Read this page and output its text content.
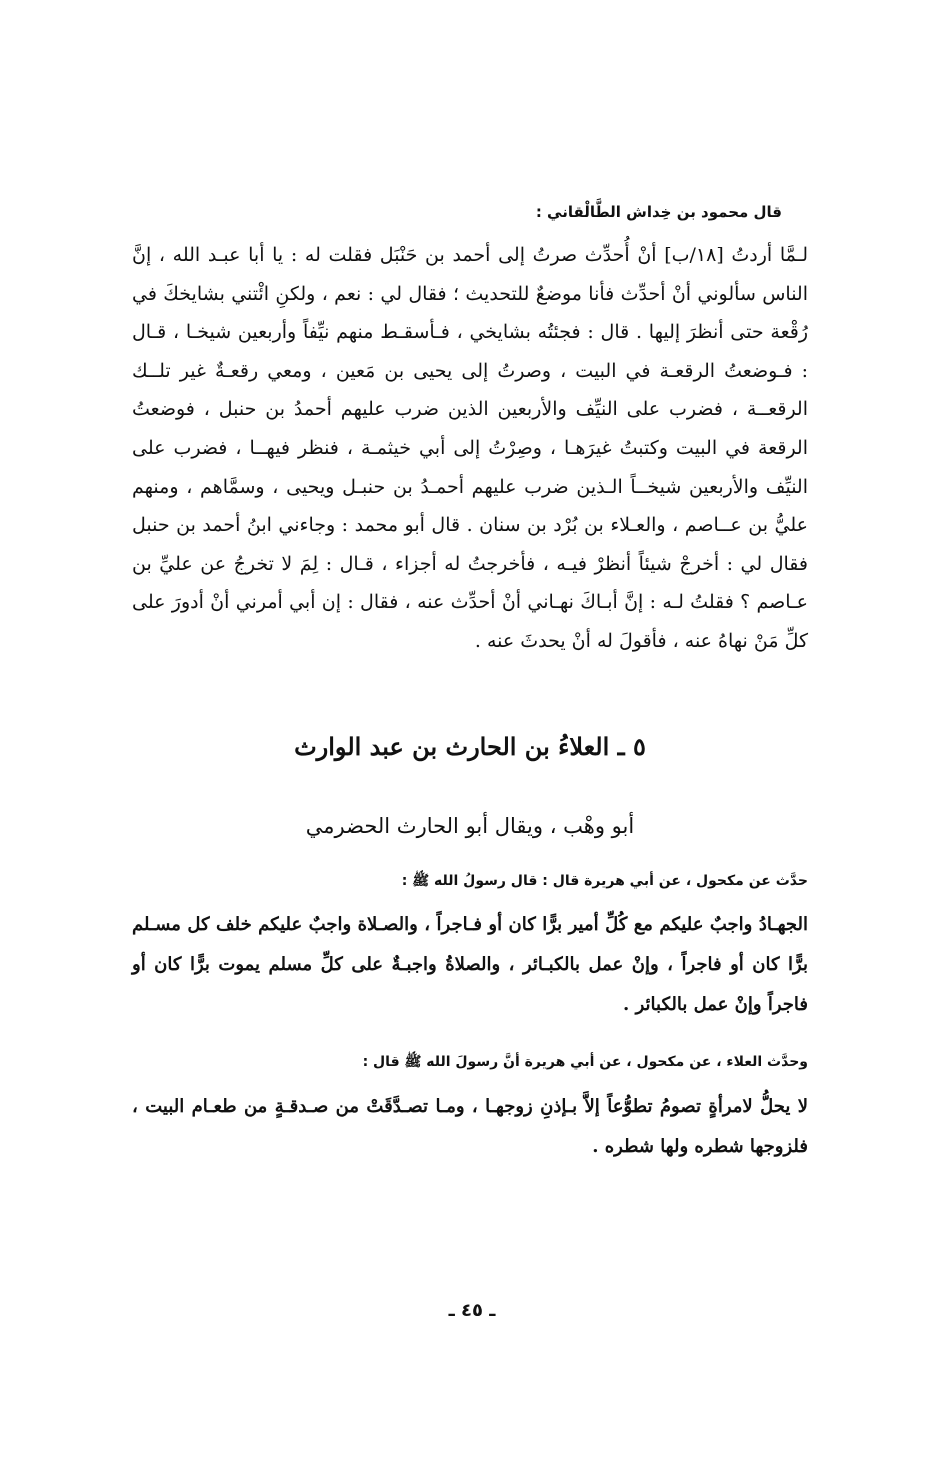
قال محمود بن خِداش الطَّالْقاني :
لـمَّا أردتُ [١٨/ب] أنْ أُحدِّث صرتُ إلى أحمد بن حَنْبَل فقلت له : يا أبا عبـد الله ، إنَّ الناس سألوني أنْ أحدِّث فأنا موضعٌ للتحديث ؛ فقال لي : نعم ، ولكنِ ائْتني بشايخكَ في رُقْعة حتى أنظرَ إليها . قال : فجئتُه بشايخي ، فـأسقـط منهم نيِّفاً وأربعين شيخـا ، قـال : فـوضعتُ الرقعـة في البيت ، وصرتُ إلى يحيى بن مَعين ، ومعي رقعـةٌ غير تلــك الرقعــة ، فضرب على النيِّف والأربعين الذين ضرب عليهم أحمدُ بن حنبل ، فوضعتُ الرقعة في البيت وكتبتُ غيرَهـا ، وصِرْتُ إلى أبي خيثمـة ، فنظر فيهــا ، فضرب على النيِّف والأربعين شيخــاً الـذين ضرب عليهم أحمـدُ بن حنبـل ويحيى ، وسمَّاهم ، ومنهم عليُّ بن عــاصم ، والعـلاء بن بُرْد بن سنان . قال أبو محمد : وجاءني ابنُ أحمد بن حنبل فقال لي : أخرجْ شيئاً أنظرْ فيـه ، فأخرجتُ له أجزاء ، قـال : لِمَ لا تخرجُ عن عليِّ بن عـاصم ؟ فقلتُ لـه : إنَّ أبـاكَ نهـاني أنْ أحدِّث عنه ، فقال : إن أبي أمرني أنْ أدورَ على كلِّ مَنْ نهاهُ عنه ، فأقولَ له أنْ يحدثَ عنه .
٥ ـ العلاءُ بن الحارث بن عبد الوارث
أبو وهْب ، ويقال أبو الحارث الحضرمي
حدَّث عن مكحول ، عن أبي هريرة قال : قال رسولُ الله ﷺ :
الجهـادُ واجبٌ عليكم مع كُلِّ أمير برًّا كان أو فـاجراً ، والصـلاة واجبٌ عليكم خلف كل مسـلم برًّا كان أو فاجراً ، وإنْ عمل بالكبـائر ، والصلاةُ واجبـةٌ على كلِّ مسلم يموت برًّا كان أو فاجراً وإنْ عمل بالكبائر .
وحدَّث العلاء ، عن مكحول ، عن أبي هريرة أنَّ رسولَ الله ﷺ قال :
لا يحلُّ لامرأةٍ تصومُ تطوُّعاً إلاَّ بـإذنِ زوجهـا ، ومـا تصـدَّقَتْ من صـدقـةٍ من طعـام البيت ، فلزوجها شطره ولها شطره .
ـ ٤٥ ـ
